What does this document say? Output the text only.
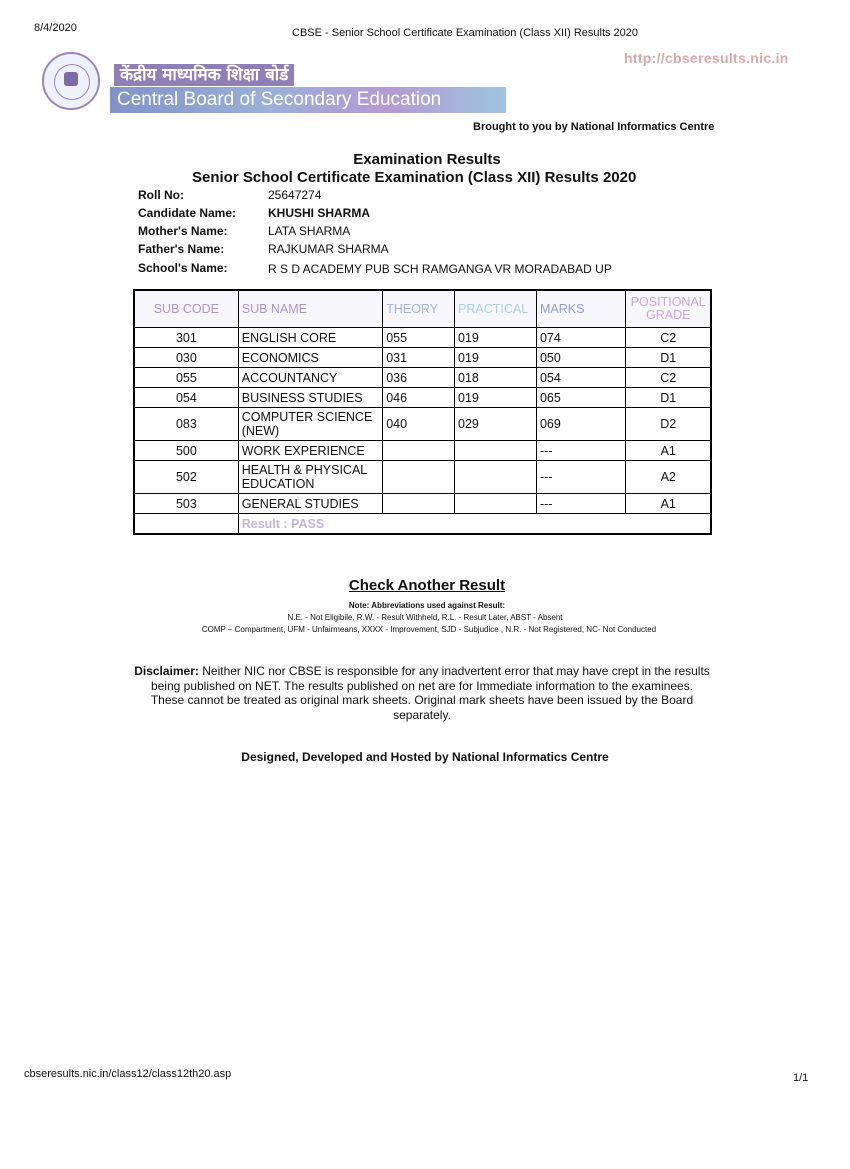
8/4/2020	CBSE - Senior School Certificate Examination (Class XII) Results 2020
http://cbseresults.nic.in
केंद्रीय माध्यमिक शिक्षा बोर्ड
Central Board of Secondary Education
Brought to you by National Informatics Centre
Examination Results
Senior School Certificate Examination (Class XII) Results 2020
Roll No:	25647274
Candidate Name:	KHUSHI SHARMA
Mother's Name:	LATA SHARMA
Father's Name:	RAJKUMAR SHARMA
School's Name:	R S D ACADEMY PUB SCH RAMGANGA VR MORADABAD UP
SUB CODE	SUB NAME	THEORY	PRACTICAL	MARKS	POSITIONAL
GRADE
301	ENGLISH CORE	055	019	074	C2
030	ECONOMICS	031	019	050	D1
055	ACCOUNTANCY	036	018	054	C2
054	BUSINESS STUDIES	046	019	065	D1
083	COMPUTER SCIENCE (NEW)	040	029	069	D2
500	WORK EXPERIENCE			---	A1
502	HEALTH & PHYSICAL EDUCATION			---	A2
503	GENERAL STUDIES			---	A1
	Result : PASS				
Check Another Result
Note: Abbreviations used against Result:
N.E. - Not Eligibile, R.W. - Result Withheld, R.L. - Result Later, ABST - Absent
COMP – Compartment, UFM - Unfairmeans, XXXX - Improvement, SJD - Subjudice , N.R. - Not Registered, NC- Not Conducted
Disclaimer: Neither NIC nor CBSE is responsible for any inadvertent error that may have crept in the results being published on NET. The results published on net are for Immediate information to the examinees. These cannot be treated as original mark sheets. Original mark sheets have been issued by the Board separately.
Designed, Developed and Hosted by National Informatics Centre
cbseresults.nic.in/class12/class12th20.asp	1/1
